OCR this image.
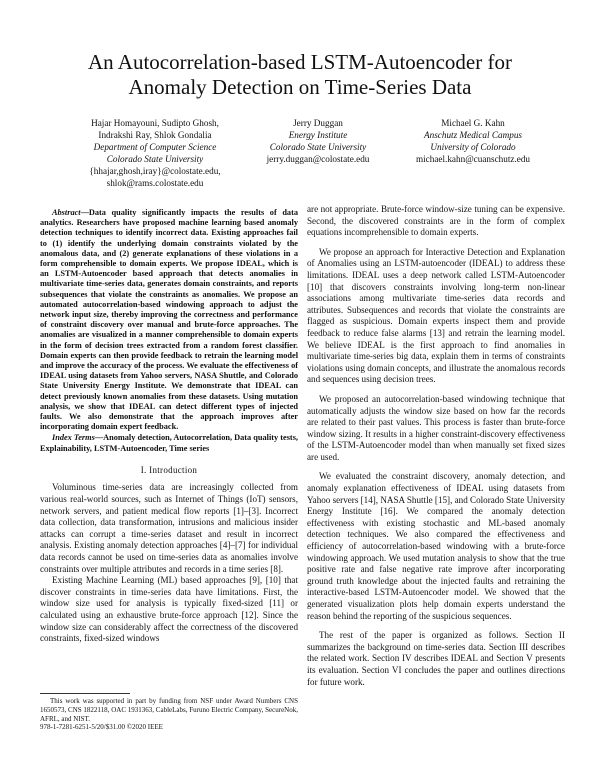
An Autocorrelation-based LSTM-Autoencoder for
Anomaly Detection on Time-Series Data
Hajar Homayouni, Sudipto Ghosh,
Indrakshi Ray, Shlok Gondalia
Department of Computer Science
Colorado State University
{hhajar,ghosh,iray}@colostate.edu,
shlok@rams.colostate.edu
Jerry Duggan
Energy Institute
Colorado State University
jerry.duggan@colostate.edu
Michael G. Kahn
Anschutz Medical Campus
University of Colorado
michael.kahn@cuanschutz.edu

Abstract—Data quality significantly impacts the results of data analytics. Researchers have proposed machine learning based anomaly detection techniques to identify incorrect data. Existing approaches fail to (1) identify the underlying domain constraints violated by the anomalous data, and (2) generate explanations of these violations in a form comprehensible to domain experts. We propose IDEAL, which is an LSTM-Autoencoder based approach that detects anomalies in multivariate time-series data, generates domain constraints, and reports subsequences that violate the constraints as anomalies. We propose an automated autocorrelation-based windowing approach to adjust the network input size, thereby improving the correctness and performance of constraint discovery over manual and brute-force approaches. The anomalies are visualized in a manner comprehensible to domain experts in the form of decision trees extracted from a random forest classifier. Domain experts can then provide feedback to retrain the learning model and improve the accuracy of the process. We evaluate the effectiveness of IDEAL using datasets from Yahoo servers, NASA Shuttle, and Colorado State University Energy Institute. We demonstrate that IDEAL can detect previously known anomalies from these datasets. Using mutation analysis, we show that IDEAL can detect different types of injected faults. We also demonstrate that the approach improves after incorporating domain expert feedback.

Index Terms—Anomaly detection, Autocorrelation, Data quality tests, Explainability, LSTM-Autoencoder, Time series

I. Introduction

Voluminous time-series data are increasingly collected from various real-world sources, such as Internet of Things (IoT) sensors, network servers, and patient medical flow reports [1]–[3]. Incorrect data collection, data transformation, intrusions and malicious insider attacks can corrupt a time-series dataset and result in incorrect analysis. Existing anomaly detection approaches [4]–[7] for individual data records cannot be used on time-series data as anomalies involve constraints over multiple attributes and records in a time series [8].

Existing Machine Learning (ML) based approaches [9], [10] that discover constraints in time-series data have limitations. First, the window size used for analysis is typically fixed-sized [11] or calculated using an exhaustive brute-force approach [12]. Since the window size can considerably affect the correctness of the discovered constraints, fixed-sized windows

This work was supported in part by funding from NSF under Award Numbers CNS 1650573, CNS 1822118, OAC 1931363, CableLabs, Furuno Electric Company, SecureNok, AFRL, and NIST.

978-1-7281-6251-5/20/$31.00 ©2020 IEEE

are not appropriate. Brute-force window-size tuning can be expensive. Second, the discovered constraints are in the form of complex equations incomprehensible to domain experts.

We propose an approach for Interactive Detection and Explanation of Anomalies using an LSTM-autoencoder (IDEAL) to address these limitations. IDEAL uses a deep network called LSTM-Autoencoder [10] that discovers constraints involving long-term non-linear associations among multivariate time-series data records and attributes. Subsequences and records that violate the constraints are flagged as suspicious. Domain experts inspect them and provide feedback to reduce false alarms [13] and retrain the learning model. We believe IDEAL is the first approach to find anomalies in multivariate time-series big data, explain them in terms of constraints violations using domain concepts, and illustrate the anomalous records and sequences using decision trees.

We proposed an autocorrelation-based windowing technique that automatically adjusts the window size based on how far the records are related to their past values. This process is faster than brute-force window sizing. It results in a higher constraint-discovery effectiveness of the LSTM-Autoencoder model than when manually set fixed sizes are used.

We evaluated the constraint discovery, anomaly detection, and anomaly explanation effectiveness of IDEAL using datasets from Yahoo servers [14], NASA Shuttle [15], and Colorado State University Energy Institute [16]. We compared the anomaly detection effectiveness with existing stochastic and ML-based anomaly detection techniques. We also compared the effectiveness and efficiency of autocorrelation-based windowing with a brute-force windowing approach. We used mutation analysis to show that the true positive rate and false negative rate improve after incorporating ground truth knowledge about the injected faults and retraining the interactive-based LSTM-Autoencoder model. We showed that the generated visualization plots help domain experts understand the reason behind the reporting of the suspicious sequences.

The rest of the paper is organized as follows. Section II summarizes the background on time-series data. Section III describes the related work. Section IV describes IDEAL and Section V presents its evaluation. Section VI concludes the paper and outlines directions for future work.
